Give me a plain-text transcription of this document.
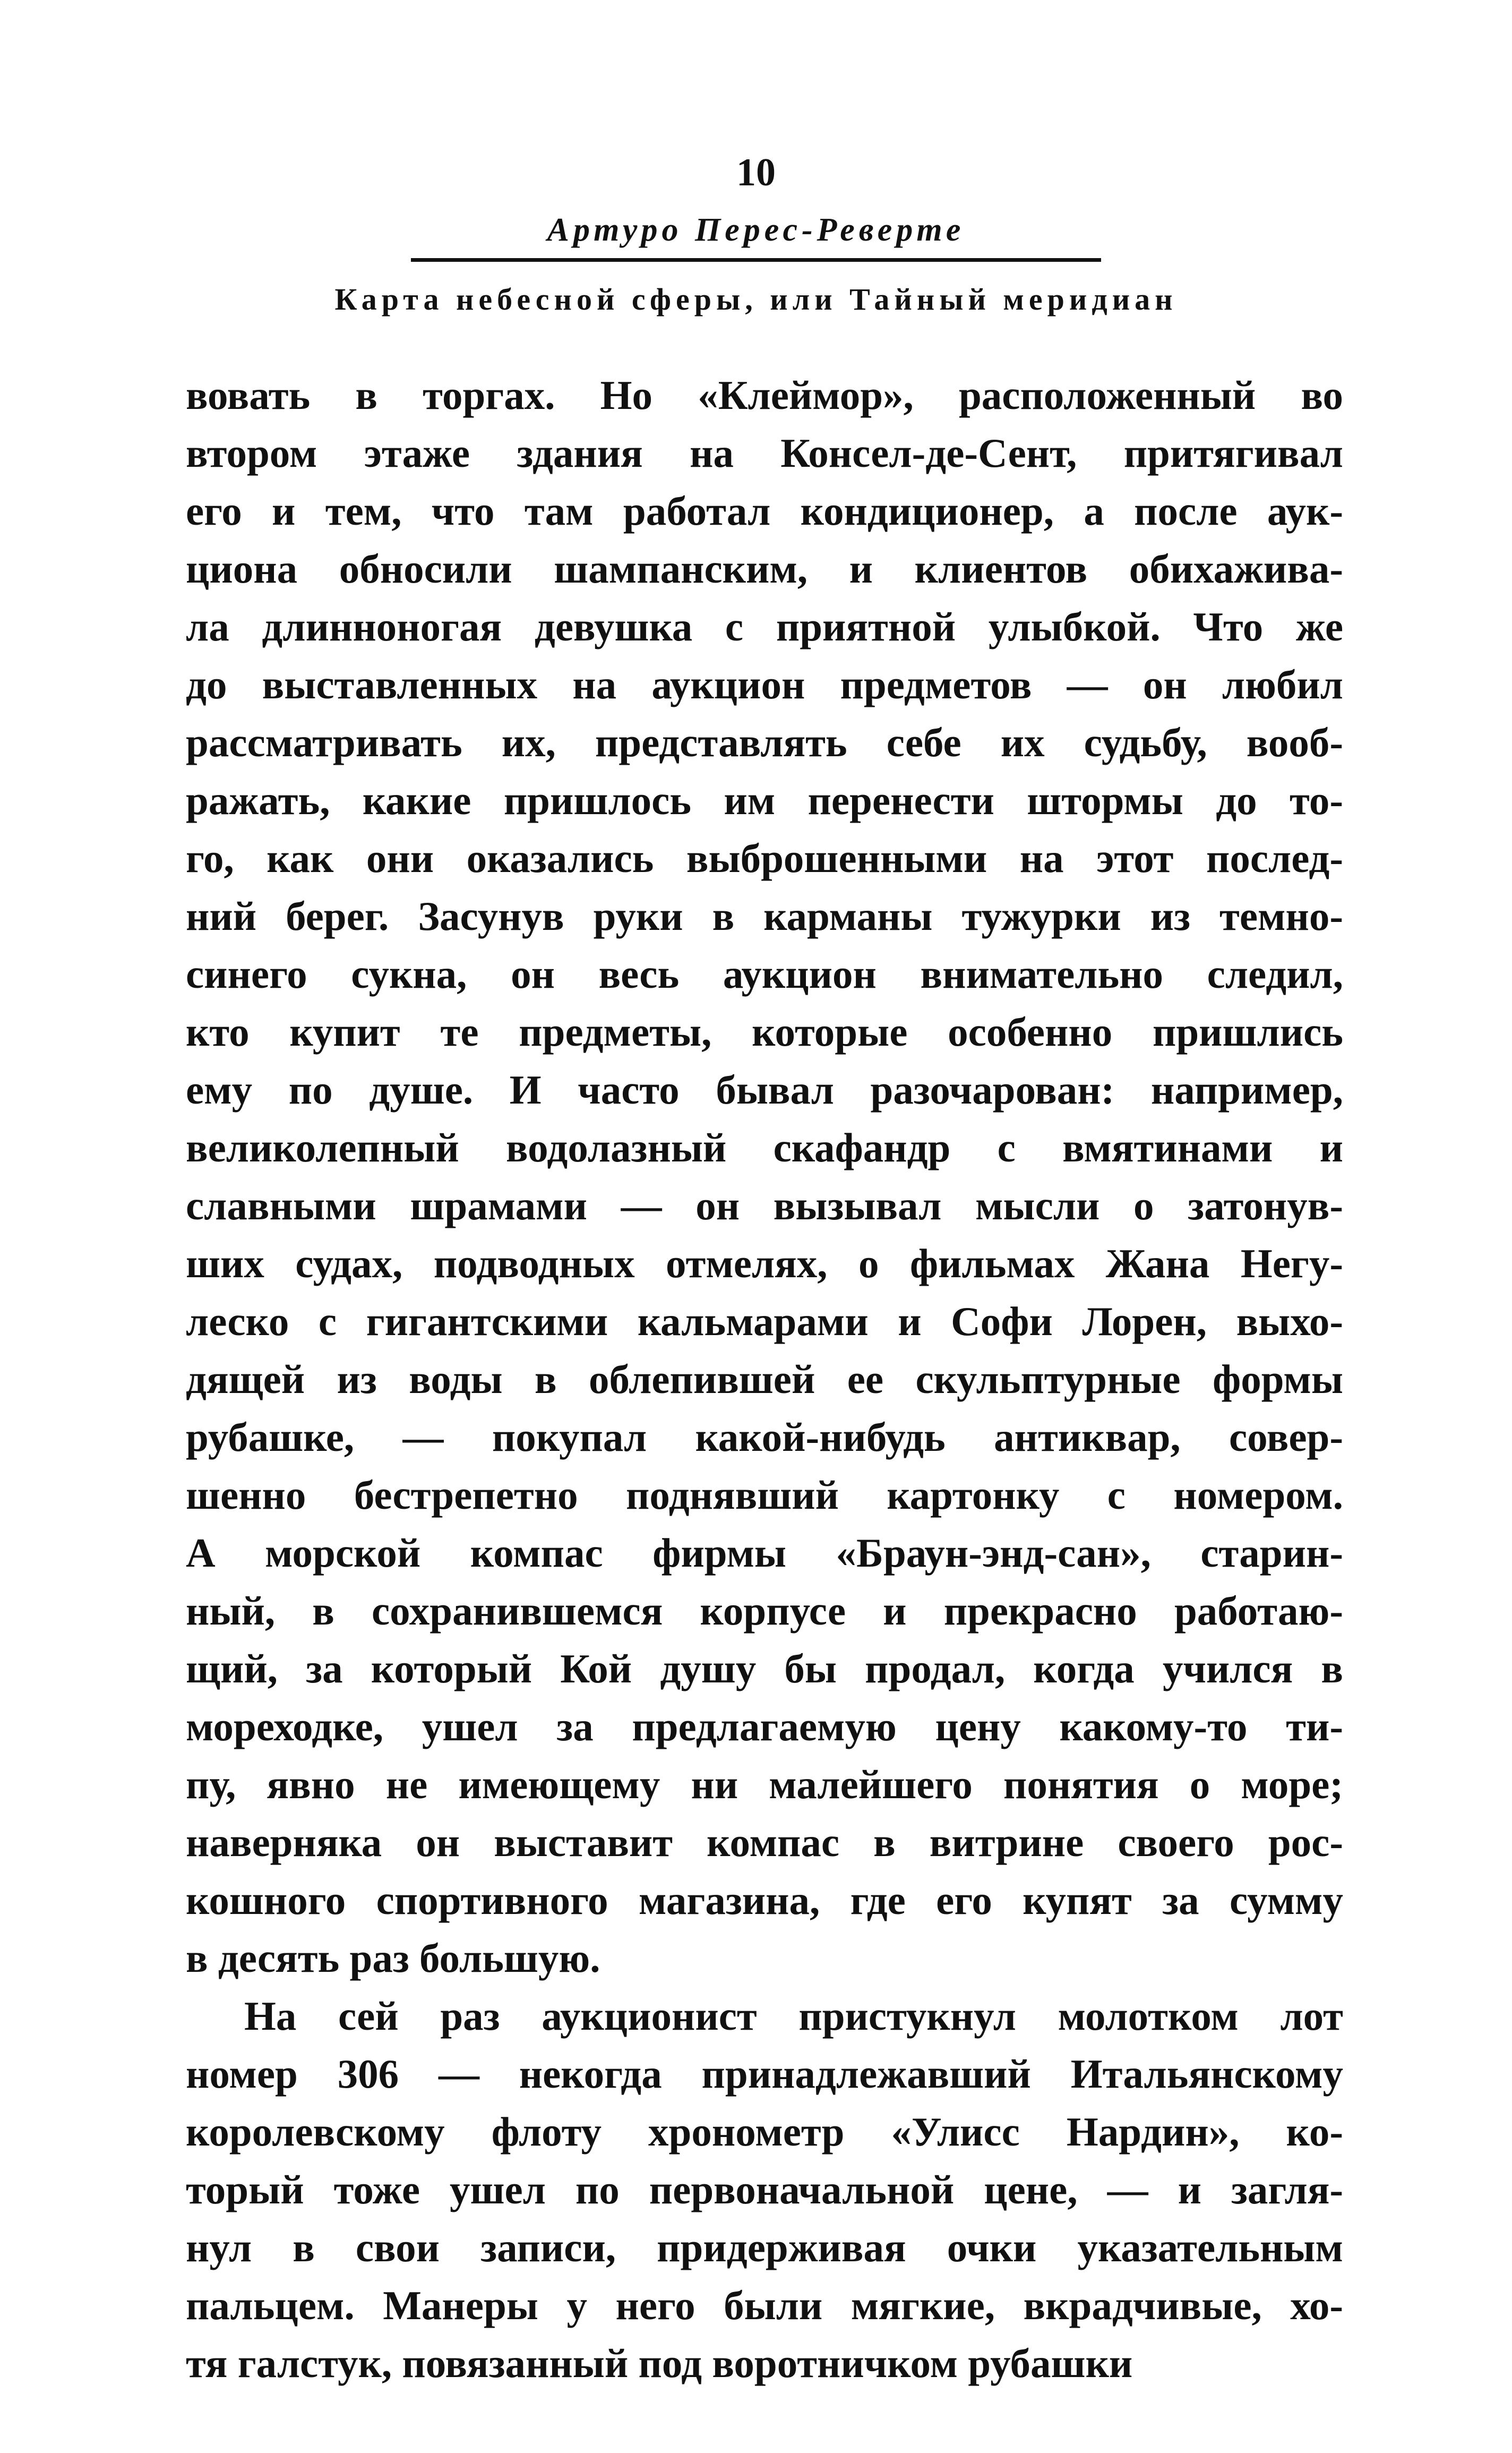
10
Артуро Перес-Реверте
Карта небесной сферы, или Тайный меридиан
вовать в торгах. Но «Клеймор», расположенный во
втором этаже здания на Консел-де-Сент, притягивал
его и тем, что там работал кондиционер, а после аук-
циона обносили шампанским, и клиентов обихажива-
ла длинноногая девушка с приятной улыбкой. Что же
до выставленных на аукцион предметов — он любил
рассматривать их, представлять себе их судьбу, вооб-
ражать, какие пришлось им перенести штормы до то-
го, как они оказались выброшенными на этот послед-
ний берег. Засунув руки в карманы тужурки из темно-
синего сукна, он весь аукцион внимательно следил,
кто купит те предметы, которые особенно пришлись
ему по душе. И часто бывал разочарован: например,
великолепный водолазный скафандр с вмятинами и
славными шрамами — он вызывал мысли о затонув-
ших судах, подводных отмелях, о фильмах Жана Негу-
леско с гигантскими кальмарами и Софи Лорен, выхо-
дящей из воды в облепившей ее скульптурные формы
рубашке, — покупал какой-нибудь антиквар, совер-
шенно бестрепетно поднявший картонку с номером.
А морской компас фирмы «Браун-энд-сан», старин-
ный, в сохранившемся корпусе и прекрасно работаю-
щий, за который Кой душу бы продал, когда учился в
мореходке, ушел за предлагаемую цену какому-то ти-
пу, явно не имеющему ни малейшего понятия о море;
наверняка он выставит компас в витрине своего рос-
кошного спортивного магазина, где его купят за сумму
в десять раз большую.
На сей раз аукционист пристукнул молотком лот
номер 306 — некогда принадлежавший Итальянскому
королевскому флоту хронометр «Улисс Нардин», ко-
торый тоже ушел по первоначальной цене, — и загля-
нул в свои записи, придерживая очки указательным
пальцем. Манеры у него были мягкие, вкрадчивые, хо-
тя галстук, повязанный под воротничком рубашки
